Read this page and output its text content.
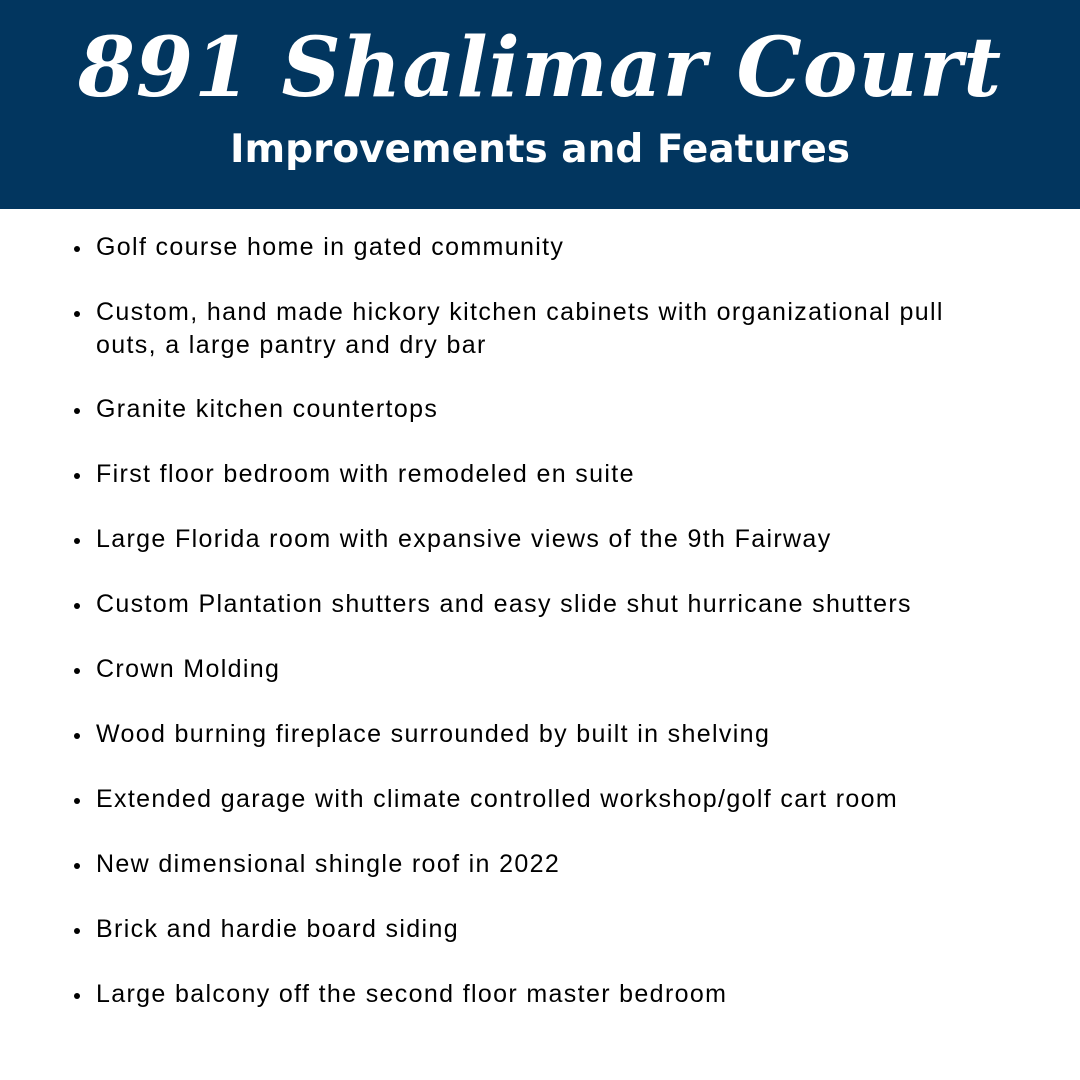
891 Shalimar Court
Improvements and Features
Golf course home in gated community
Custom, hand made hickory kitchen cabinets with organizational pull outs, a large pantry and dry bar
Granite kitchen countertops
First floor bedroom with remodeled en suite
Large Florida room with expansive views of the 9th Fairway
Custom Plantation shutters and easy slide shut hurricane shutters
Crown Molding
Wood burning fireplace surrounded by built in shelving
Extended garage with climate controlled workshop/golf cart room
New dimensional shingle roof in 2022
Brick and hardie board siding
Large balcony off the second floor master bedroom
